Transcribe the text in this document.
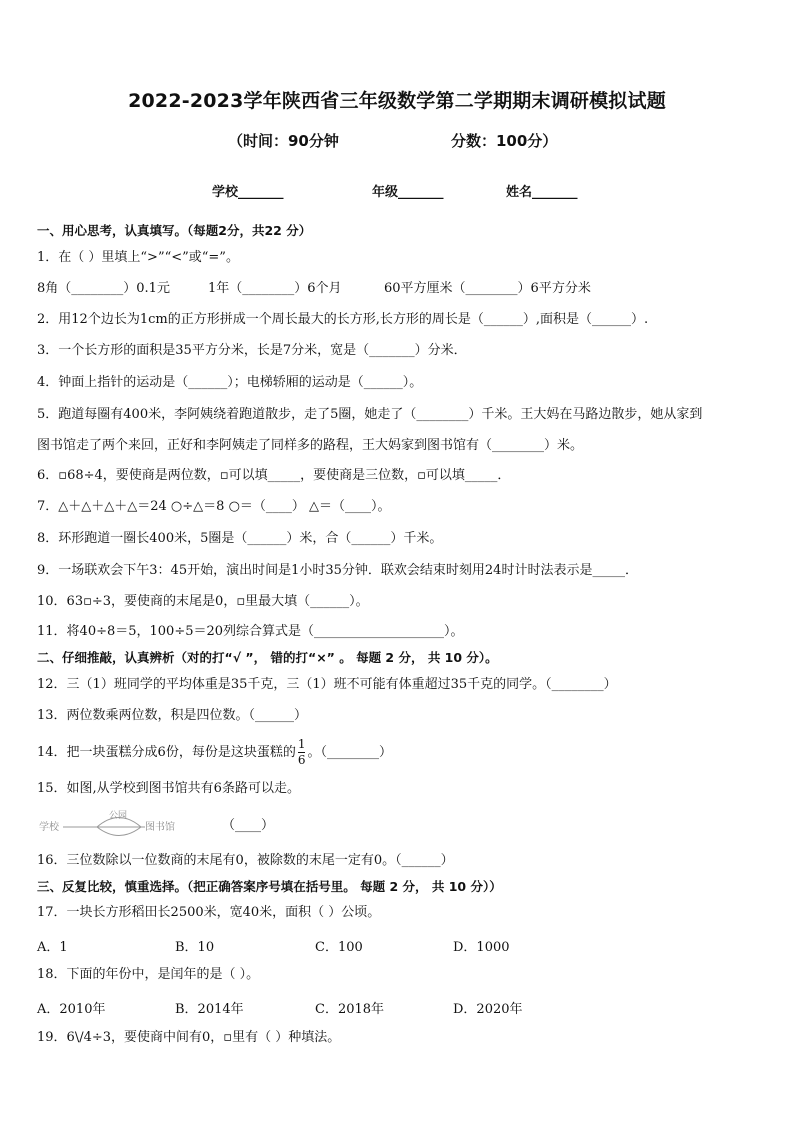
2022-2023学年陕西省三年级数学第二学期期末调研模拟试题
（时间：90分钟	分数：100分）
学校_______	年级_______	姓名_______
一、用心思考，认真填写。（每题2分，共22 分）
1．在（ ）里填上“>”“<”或“=”。
8角（________）0.1元	1年（________）6个月	60平方厘米（________）6平方分米
2．用12个边长为1cm的正方形拼成一个周长最大的长方形,长方形的周长是（______）,面积是（______）.
3．一个长方形的面积是35平方分米，长是7分米，宽是（_______）分米．
4．钟面上指针的运动是（______）；电梯轿厢的运动是（______）。
5．跑道每圈有400米，李阿姨绕着跑道散步，走了5圈，她走了（________）千米。王大妈在马路边散步，她从家到
图书馆走了两个来回，正好和李阿姨走了同样多的路程，王大妈家到图书馆有（________）米。
6．▫68÷4，要使商是两位数，▫可以填_____，要使商是三位数，▫可以填_____．
7．△＋△＋△＋△＝24 ○÷△＝8 ○＝（____） △＝（____）。
8．环形跑道一圈长400米，5圈是（______）米，合（______）千米。
9．一场联欢会下午3：45开始，演出时间是1小时35分钟．联欢会结束时刻用24时计时法表示是_____．
10．63▫÷3，要使商的末尾是0，▫里最大填（______）。
11．将40÷8＝5，100÷5＝20列综合算式是（____________________）。
二、仔细推敲，认真辨析（对的打“√ ”， 错的打“×” 。 每题 2 分， 共 10 分）。
12．三（1）班同学的平均体重是35千克，三（1）班不可能有体重超过35千克的同学。（________）
13．两位数乘两位数，积是四位数。（______）
14．把一块蛋糕分成6份，每份是这块蛋糕的 $\frac{1}{6}$ 。（________）
15．如图,从学校到图书馆共有6条路可以走。
学校
公园
图书馆	（____）
16．三位数除以一位数商的末尾有0，被除数的末尾一定有0。（______）
三、反复比较，慎重选择。（把正确答案序号填在括号里。 每题 2 分， 共 10 分））
17．一块长方形稻田长2500米，宽40米，面积（ ）公顷。
A．1	B．10	C．100	D．1000
18．下面的年份中，是闰年的是（ ）。
A．2010年	B．2014年	C．2018年	D．2020年
19．6\/4÷3，要使商中间有0，▫里有（ ）种填法。
